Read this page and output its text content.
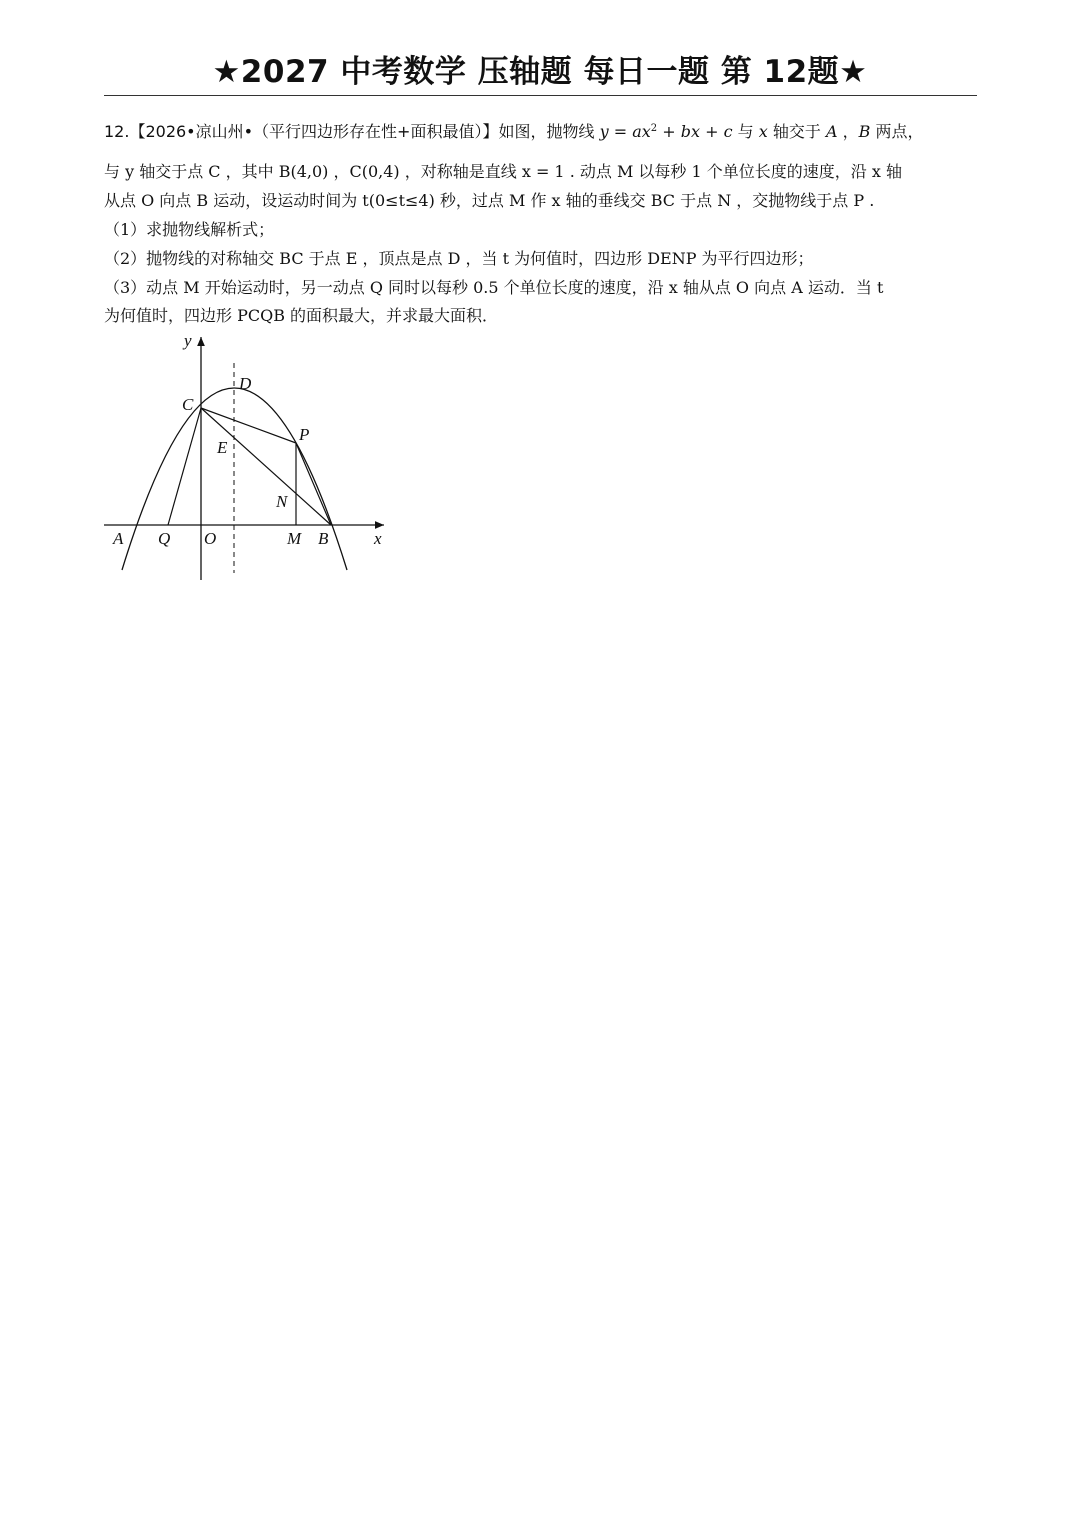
★2027 中考数学 压轴题 每日一题 第 12题★
12.【2026•凉山州•（平行四边形存在性+面积最值）】如图，抛物线 $y = ax^2$ + bx + c 与 x 轴交于 A ，B 两点，
与 y 轴交于点 C ，其中 B(4,0) ，C(0,4) ，对称轴是直线 x = 1 . 动点 M 以每秒 1 个单位长度的速度，沿 x 轴
从点 O 向点 B 运动，设运动时间为 t(0≤t≤4) 秒，过点 M 作 x 轴的垂线交 BC 于点 N ，交抛物线于点 P .
（1）求抛物线解析式；
（2）抛物线的对称轴交 BC 于点 E ，顶点是点 D ，当 t 为何值时，四边形 DENP 为平行四边形；
（3）动点 M 开始运动时，另一动点 Q 同时以每秒 0.5 个单位长度的速度，沿 x 轴从点 O 向点 A 运动．当 t
为何值时，四边形 PCQB 的面积最大，并求最大面积．
y
x
C
D
P
E
N
A Q O	M B
